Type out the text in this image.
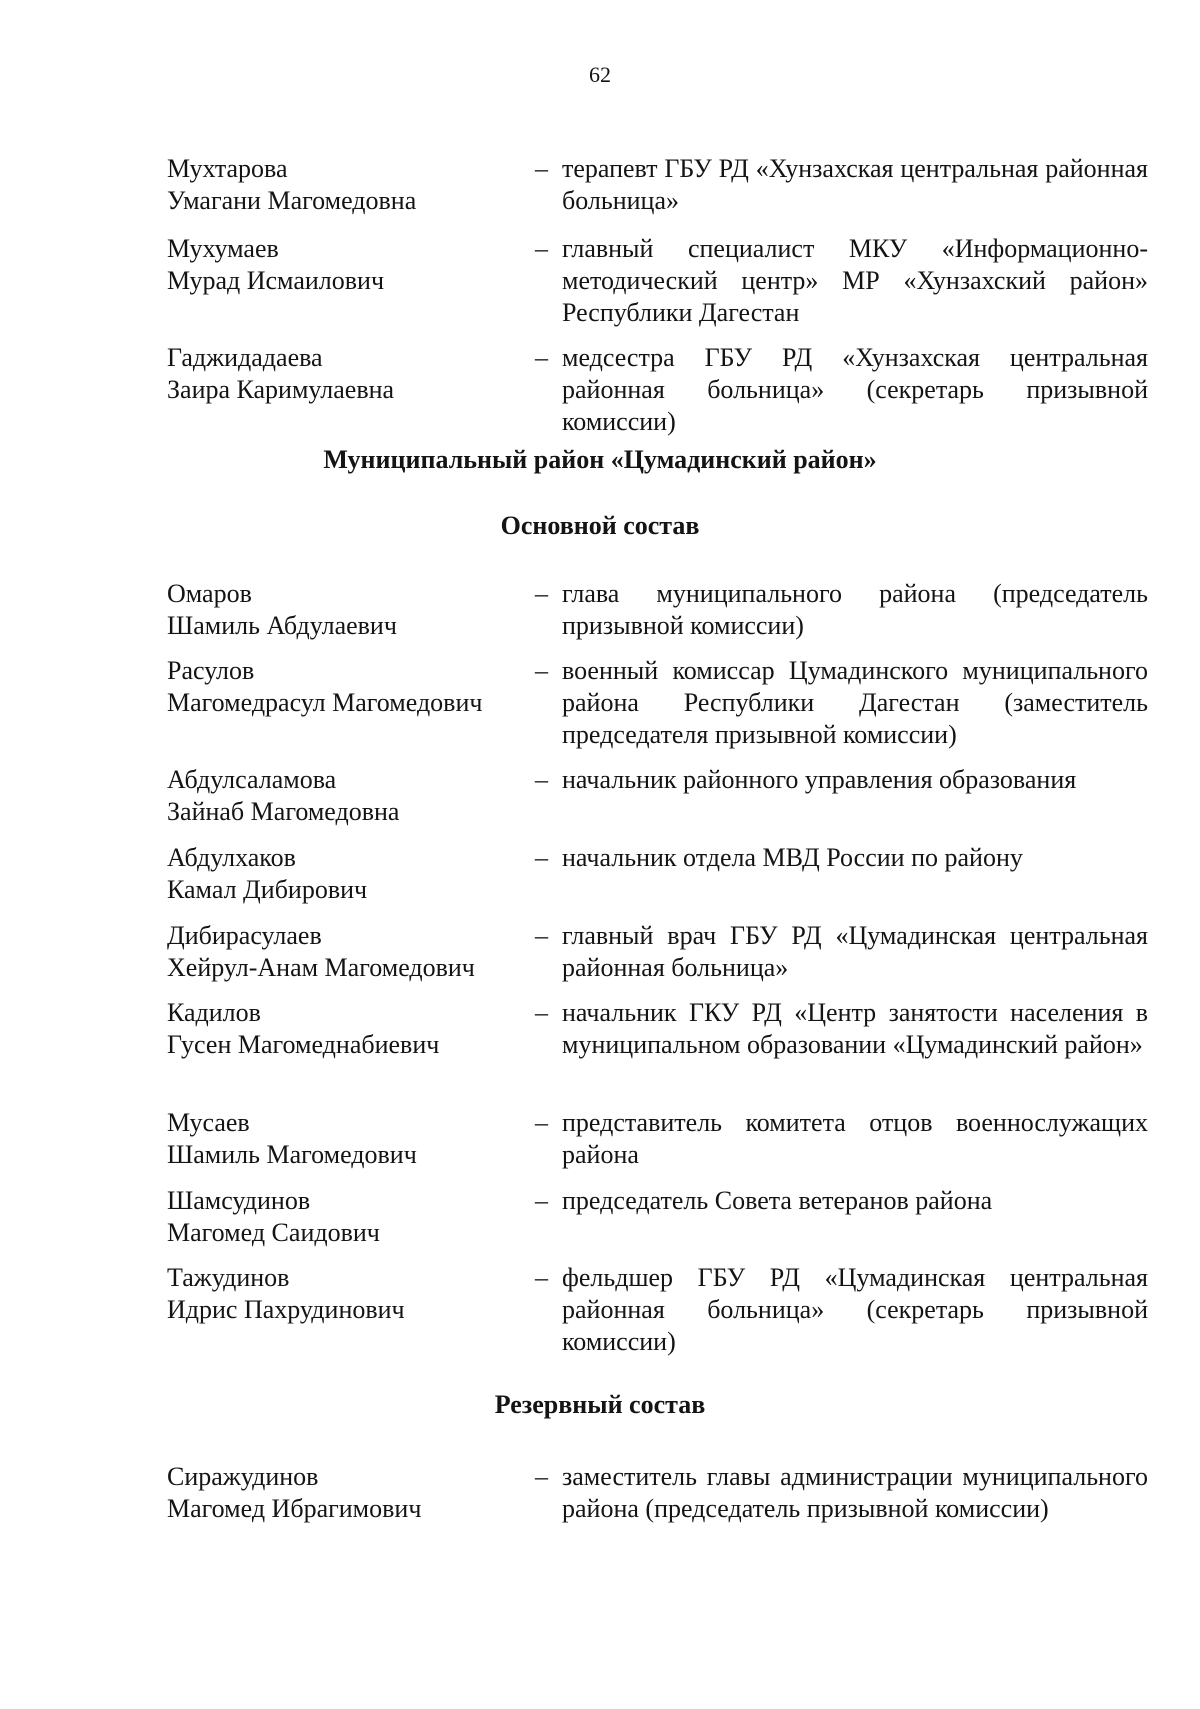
62
Мухтарова
Умагани Магомедовна
– терапевт ГБУ РД «Хунзахская центральная районная больница»
Мухумаев
Мурад Исмаилович
– главный специалист МКУ «Информационно-методический центр» МР «Хунзахский район» Республики Дагестан
Гаджидадаева
Заира Каримулаевна
– медсестра ГБУ РД «Хунзахская центральная районная больница» (секретарь призывной комиссии)
Муниципальный район «Цумадинский район»
Основной состав
Омаров
Шамиль Абдулаевич
– глава муниципального района (председатель призывной комиссии)
Расулов
Магомедрасул Магомедович
– военный комиссар Цумадинского муниципального района Республики Дагестан (заместитель председателя призывной комиссии)
Абдулсаламова
Зайнаб Магомедовна
– начальник районного управления образования
Абдулхаков
Камал Дибирович
– начальник отдела МВД России по району
Дибирасулаев
Хейрул-Анам Магомедович
– главный врач ГБУ РД «Цумадинская центральная районная больница»
Кадилов
Гусен Магомеднабиевич
– начальник ГКУ РД «Центр занятости населения в муниципальном образовании «Цумадинский район»
Мусаев
Шамиль Магомедович
– представитель комитета отцов военнослужащих района
Шамсудинов
Магомед Саидович
– председатель Совета ветеранов района
Тажудинов
Идрис Пахрудинович
– фельдшер ГБУ РД «Цумадинская центральная районная больница» (секретарь призывной комиссии)
Резервный состав
Сиражудинов
Магомед Ибрагимович
– заместитель главы администрации муниципального района (председатель призывной комиссии)
